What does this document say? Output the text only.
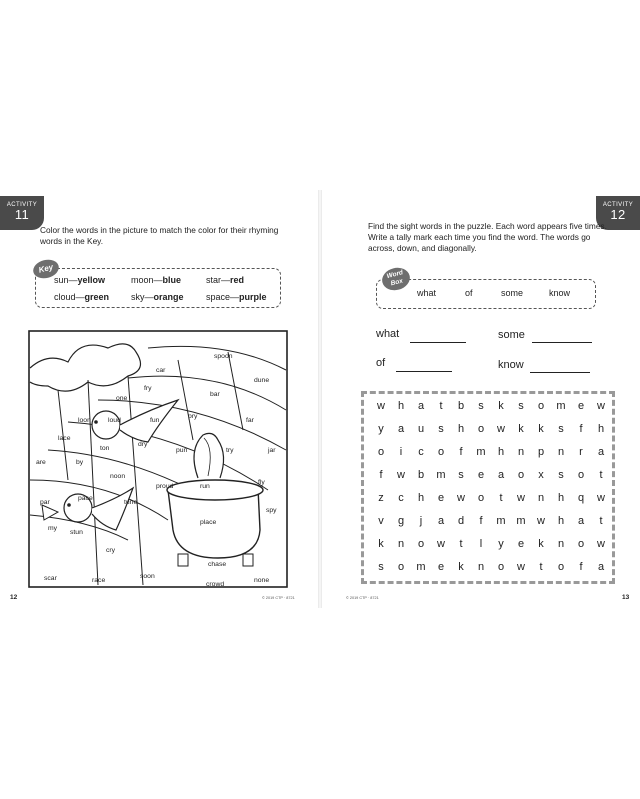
ACTIVITY
11
Color the words in the picture to match the color for their rhyming words in the Key.
sun—yellow	moon—blue	star—red
cloud—green sky—orange space—purple
Key
spoon
car
fry
dune
one
bar
loon	loud	fun
pry
far
lace
dry
ton	pun	try	jar
are	by
noon
proud	run
fly
par
pace
tune
spy
my
stun
place
cry
chase
scar	race
soon
none
crowd
12	© 2019 CTP · 8721
ACTIVITY
12
Find the sight words in the puzzle. Each word appears five times. Write a tally mark each time you find the word. The words go across, down, and diagonally.
what	of	some	know
Word Box
what	some
of	know
w	h	a	t	b	s	k	s	o	m	e	w
y	a	u	s	h	o	w	k	k	s	f	h
o	i	c	o	f	m	h	n	p	n	r	a
f	w	b	m	s	e	a	o	x	s	o	t
z	c	h	e	w	o	t	w	n	h	q	w
v	g	j	a	d	f	m m	w	h	a	t
k	n	o	w	t	l	y	e	k	n	o	w
s	o	m	e	k	n	o	w	t	o	f	a
© 2019 CTP · 8721	13
